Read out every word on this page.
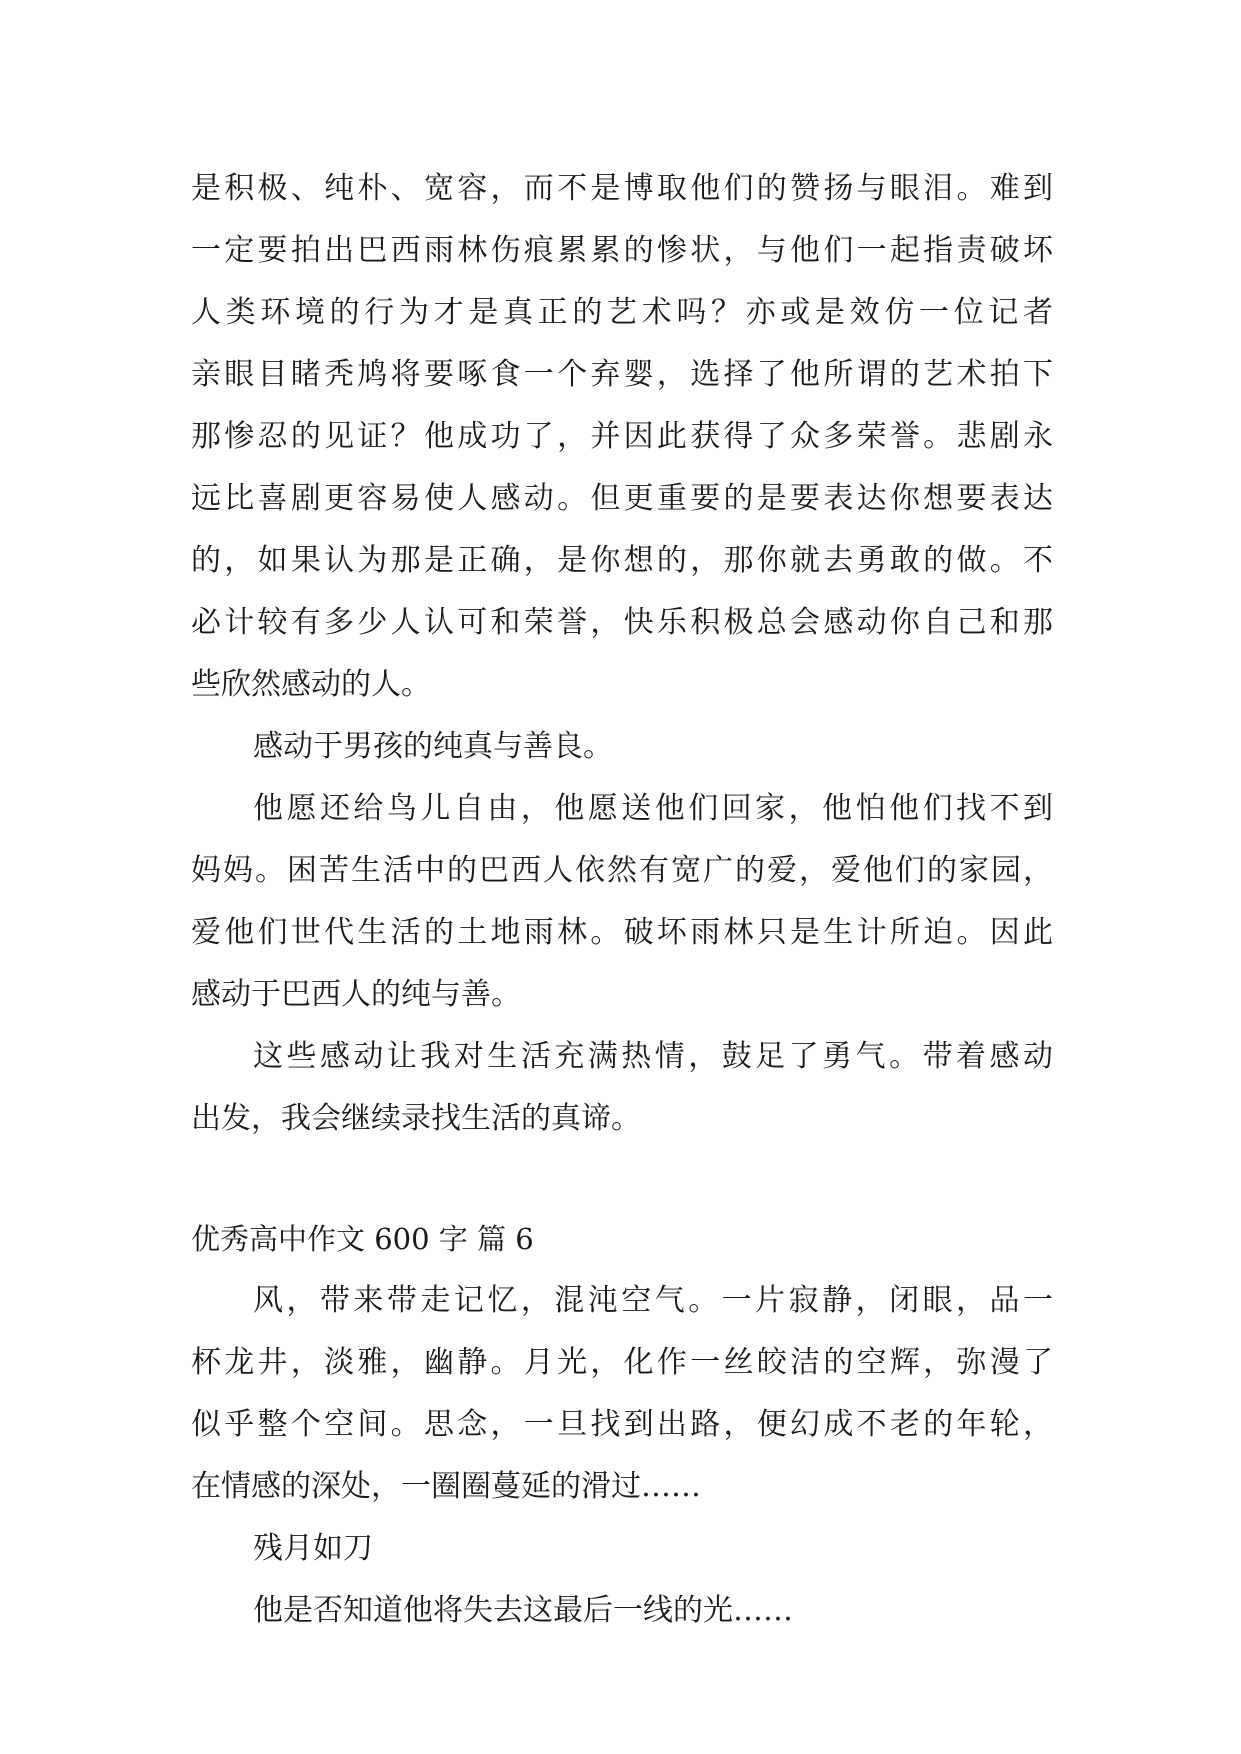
是积极、纯朴、宽容，而不是博取他们的赞扬与眼泪。难到
一定要拍出巴西雨林伤痕累累的惨状，与他们一起指责破坏
人类环境的行为才是真正的艺术吗？亦或是效仿一位记者
亲眼目睹秃鸠将要啄食一个弃婴，选择了他所谓的艺术拍下
那惨忍的见证？他成功了，并因此获得了众多荣誉。悲剧永
远比喜剧更容易使人感动。但更重要的是要表达你想要表达
的，如果认为那是正确，是你想的，那你就去勇敢的做。不
必计较有多少人认可和荣誉，快乐积极总会感动你自己和那
些欣然感动的人。
感动于男孩的纯真与善良。
他愿还给鸟儿自由，他愿送他们回家，他怕他们找不到
妈妈。困苦生活中的巴西人依然有宽广的爱，爱他们的家园，
爱他们世代生活的土地雨林。破坏雨林只是生计所迫。因此
感动于巴西人的纯与善。
这些感动让我对生活充满热情，鼓足了勇气。带着感动
出发，我会继续录找生活的真谛。
优秀高中作文 600 字 篇 6
风，带来带走记忆，混沌空气。一片寂静，闭眼，品一
杯龙井，淡雅，幽静。月光，化作一丝皎洁的空辉，弥漫了
似乎整个空间。思念，一旦找到出路，便幻成不老的年轮，
在情感的深处，一圈圈蔓延的滑过……
残月如刀
他是否知道他将失去这最后一线的光……
